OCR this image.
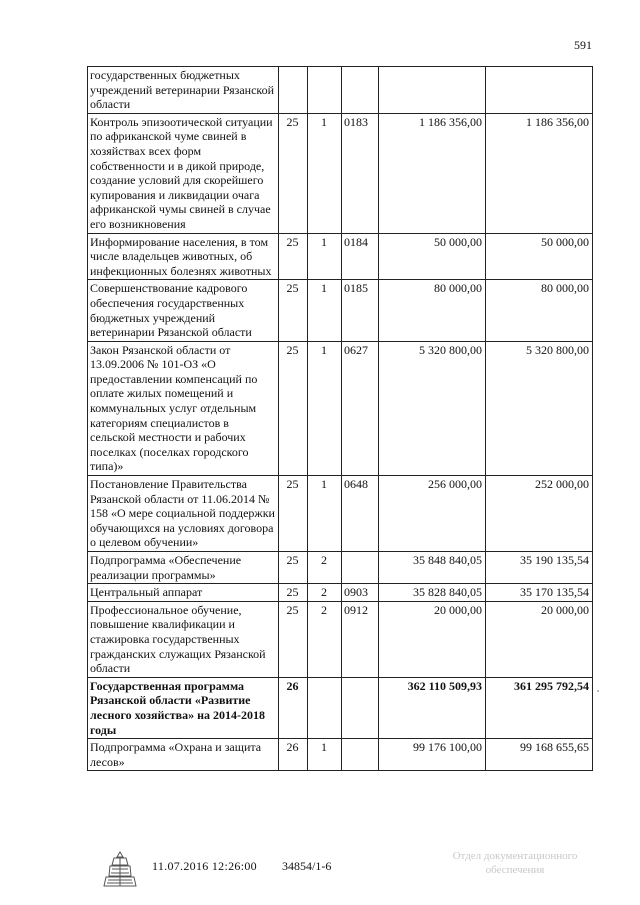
591
государственных бюджетных учреждений ветеринарии Рязанской области					
Контроль эпизоотической ситуации по африканской чуме свиней в хозяйствах всех форм собственности и в дикой природе, создание условий для скорейшего купирования и ликвидации очага африканской чумы свиней в случае его возникновения	25	1	0183	1 186 356,00	1 186 356,00
Информирование населения, в том числе владельцев животных, об инфекционных болезнях животных	25	1	0184	50 000,00	50 000,00
Совершенствование кадрового обеспечения государственных бюджетных учреждений ветеринарии Рязанской области	25	1	0185	80 000,00	80 000,00
Закон Рязанской области от 13.09.2006 № 101-ОЗ «О предоставлении компенсаций по оплате жилых помещений и коммунальных услуг отдельным категориям специалистов в сельской местности и рабочих поселках (поселках городского типа)»	25	1	0627	5 320 800,00	5 320 800,00
Постановление Правительства Рязанской области от 11.06.2014 № 158 «О мере социальной поддержки обучающихся на условиях договора о целевом обучении»	25	1	0648	256 000,00	252 000,00
Подпрограмма «Обеспечение реализации программы»	25	2		35 848 840,05	35 190 135,54
Центральный аппарат	25	2	0903	35 828 840,05	35 170 135,54
Профессиональное обучение, повышение квалификации и стажировка государственных гражданских служащих Рязанской области	25	2	0912	20 000,00	20 000,00
Государственная программа Рязанской области «Развитие лесного хозяйства» на 2014-2018 годы	26			362 110 509,93	361 295 792,54
Подпрограмма «Охрана и защита лесов»	26	1		99 176 100,00	99 168 655,65
11.07.2016 12:26:00 34854/1-6
Отдел документационного
обеспечения
